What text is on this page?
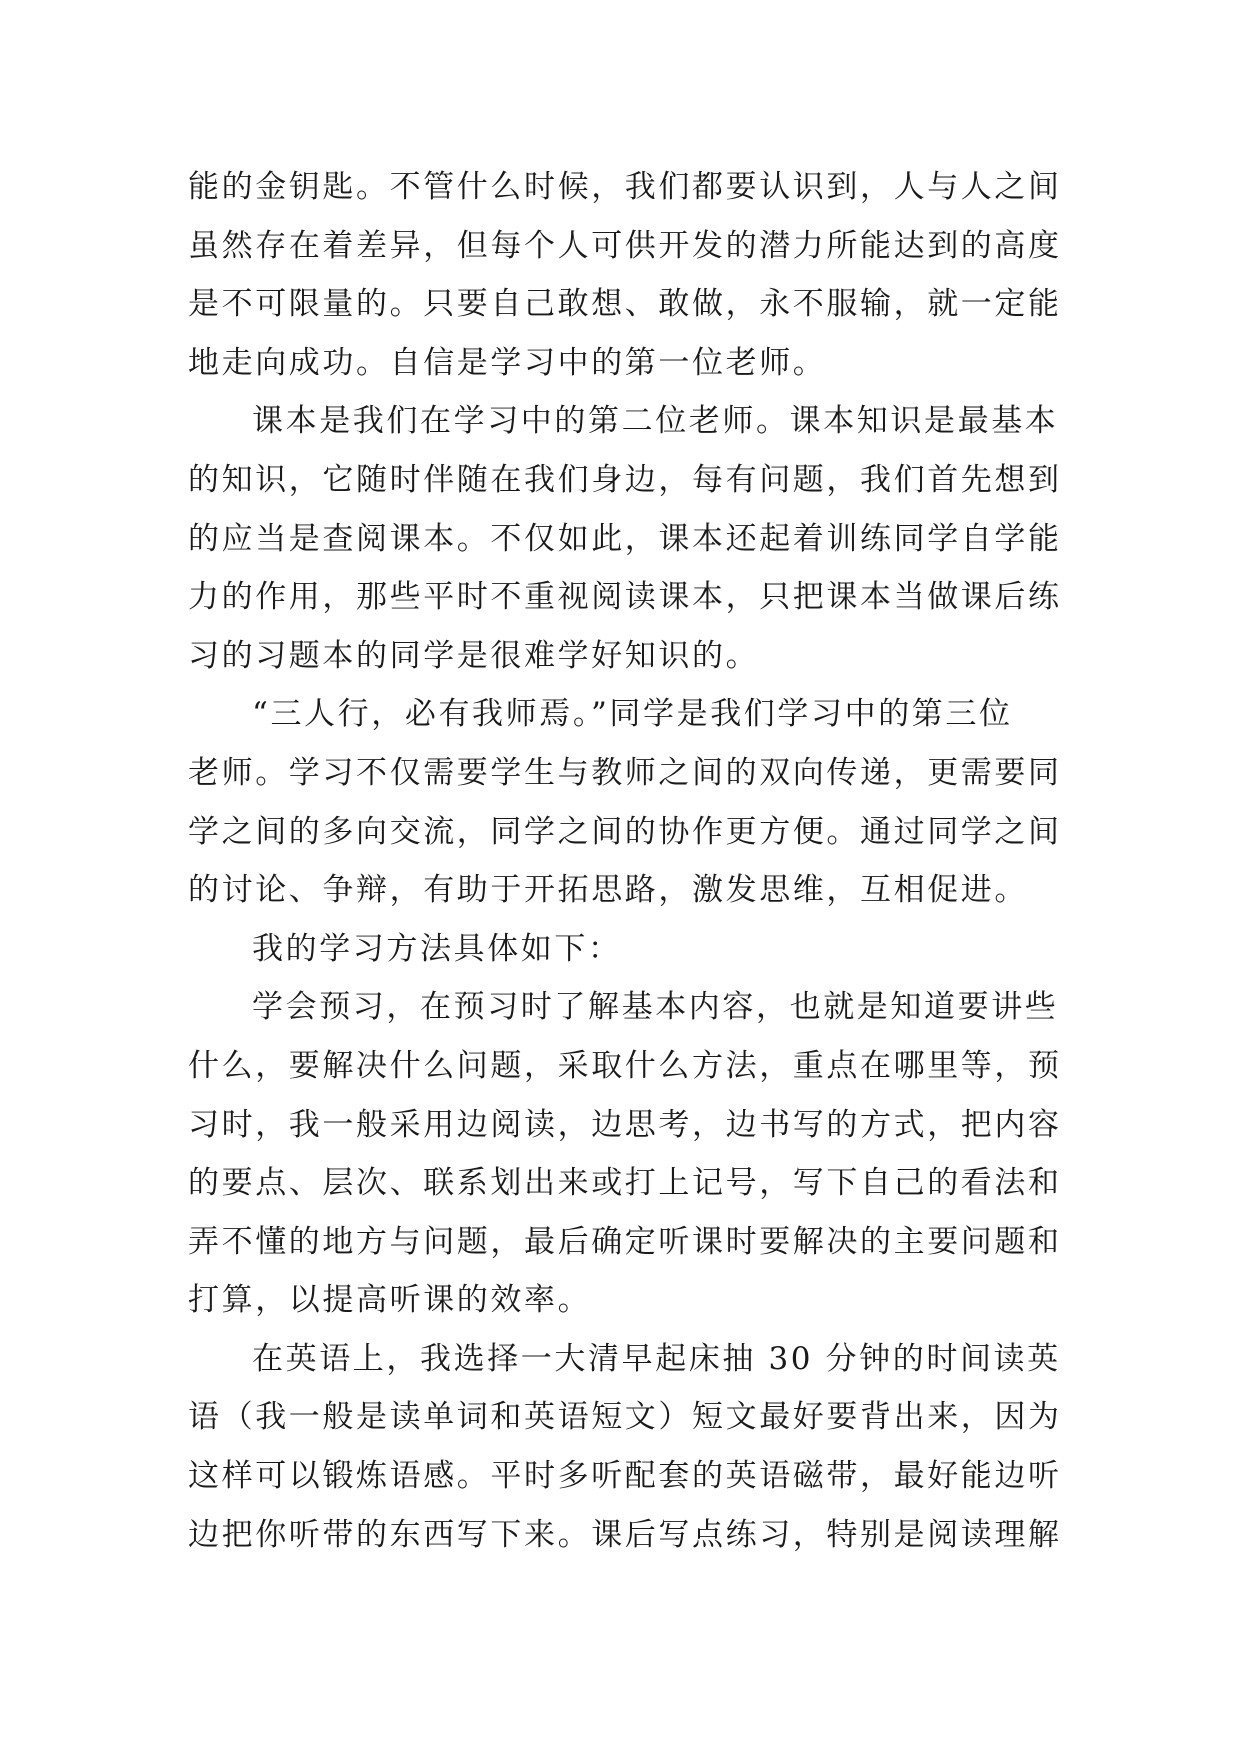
能的金钥匙。不管什么时候，我们都要认识到，人与人之间
虽然存在着差异，但每个人可供开发的潜力所能达到的高度
是不可限量的。只要自己敢想、敢做，永不服输，就一定能
地走向成功。自信是学习中的第一位老师。
课本是我们在学习中的第二位老师。课本知识是最基本
的知识，它随时伴随在我们身边，每有问题，我们首先想到
的应当是查阅课本。不仅如此，课本还起着训练同学自学能
力的作用，那些平时不重视阅读课本，只把课本当做课后练
习的习题本的同学是很难学好知识的。
“三人行，必有我师焉。”同学是我们学习中的第三位
老师。学习不仅需要学生与教师之间的双向传递，更需要同
学之间的多向交流，同学之间的协作更方便。通过同学之间
的讨论、争辩，有助于开拓思路，激发思维，互相促进。
我的学习方法具体如下：
学会预习，在预习时了解基本内容，也就是知道要讲些
什么，要解决什么问题，采取什么方法，重点在哪里等，预
习时，我一般采用边阅读，边思考，边书写的方式，把内容
的要点、层次、联系划出来或打上记号，写下自己的看法和
弄不懂的地方与问题，最后确定听课时要解决的主要问题和
打算，以提高听课的效率。
在英语上，我选择一大清早起床抽 30 分钟的时间读英
语（我一般是读单词和英语短文）短文最好要背出来，因为
这样可以锻炼语感。平时多听配套的英语磁带，最好能边听
边把你听带的东西写下来。课后写点练习，特别是阅读理解
